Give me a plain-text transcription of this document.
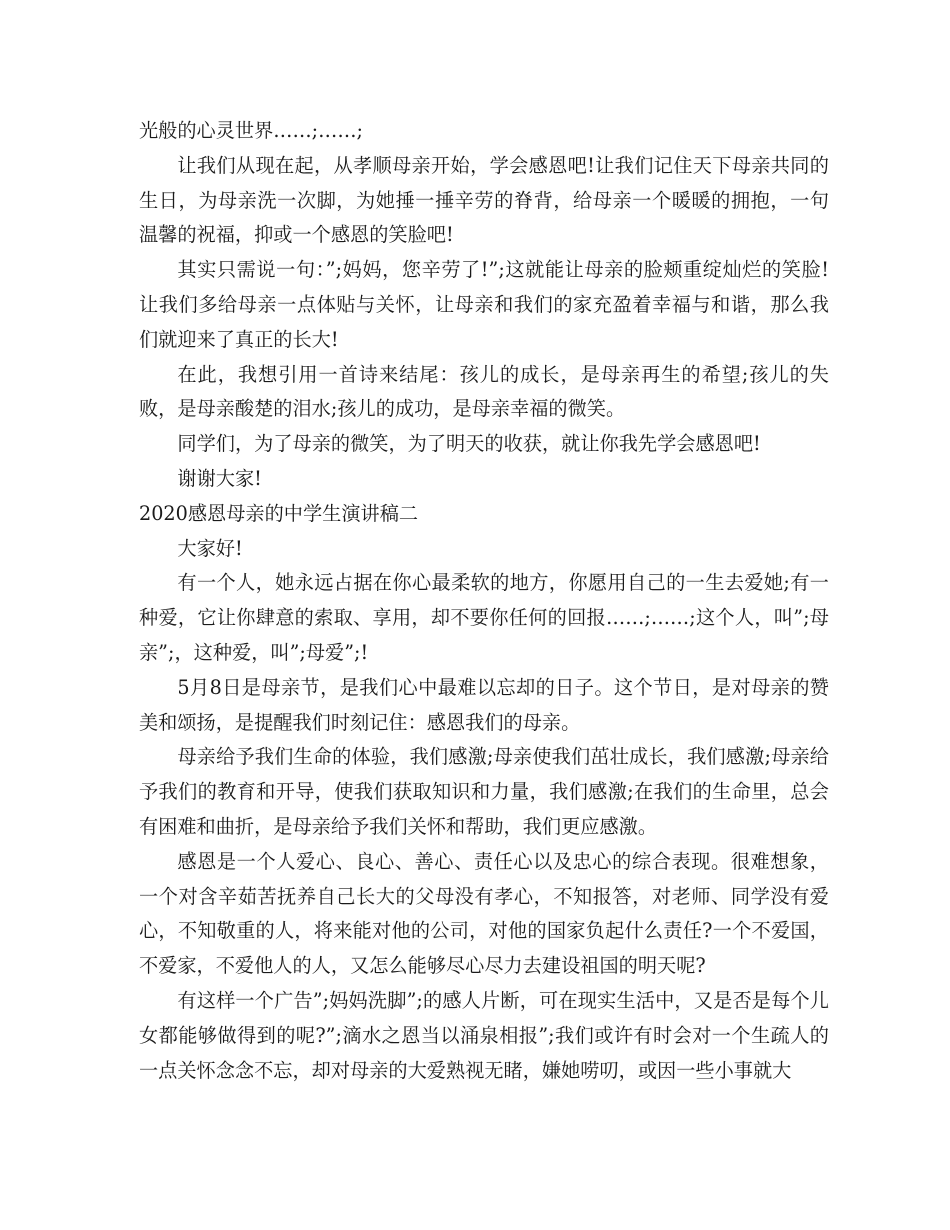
光般的心灵世界……;……;

让我们从现在起，从孝顺母亲开始，学会感恩吧!让我们记住天下母亲共同的生日，为母亲洗一次脚，为她捶一捶辛劳的脊背，给母亲一个暖暖的拥抱，一句温馨的祝福，抑或一个感恩的笑脸吧!

其实只需说一句：”;妈妈，您辛劳了!”;这就能让母亲的脸颊重绽灿烂的笑脸!让我们多给母亲一点体贴与关怀，让母亲和我们的家充盈着幸福与和谐，那么我们就迎来了真正的长大!

在此，我想引用一首诗来结尾：孩儿的成长，是母亲再生的希望;孩儿的失败，是母亲酸楚的泪水;孩儿的成功，是母亲幸福的微笑。

同学们，为了母亲的微笑，为了明天的收获，就让你我先学会感恩吧!

谢谢大家!

2020感恩母亲的中学生演讲稿二

大家好!

有一个人，她永远占据在你心最柔软的地方，你愿用自己的一生去爱她;有一种爱，它让你肆意的索取、享用，却不要你任何的回报……;……;这个人，叫”;母亲”;，这种爱，叫”;母爱”;!

5月8日是母亲节，是我们心中最难以忘却的日子。这个节日，是对母亲的赞美和颂扬，是提醒我们时刻记住：感恩我们的母亲。

母亲给予我们生命的体验，我们感激;母亲使我们茁壮成长，我们感激;母亲给予我们的教育和开导，使我们获取知识和力量，我们感激;在我们的生命里，总会有困难和曲折，是母亲给予我们关怀和帮助，我们更应感激。

感恩是一个人爱心、良心、善心、责任心以及忠心的综合表现。很难想象，一个对含辛茹苦抚养自己长大的父母没有孝心，不知报答，对老师、同学没有爱心，不知敬重的人，将来能对他的公司，对他的国家负起什么责任?一个不爱国，不爱家，不爱他人的人，又怎么能够尽心尽力去建设祖国的明天呢?

有这样一个广告”;妈妈洗脚”;的感人片断，可在现实生活中，又是否是每个儿女都能够做得到的呢?”;滴水之恩当以涌泉相报”;我们或许有时会对一个生疏人的一点关怀念念不忘，却对母亲的大爱熟视无睹，嫌她唠叨，或因一些小事就大
